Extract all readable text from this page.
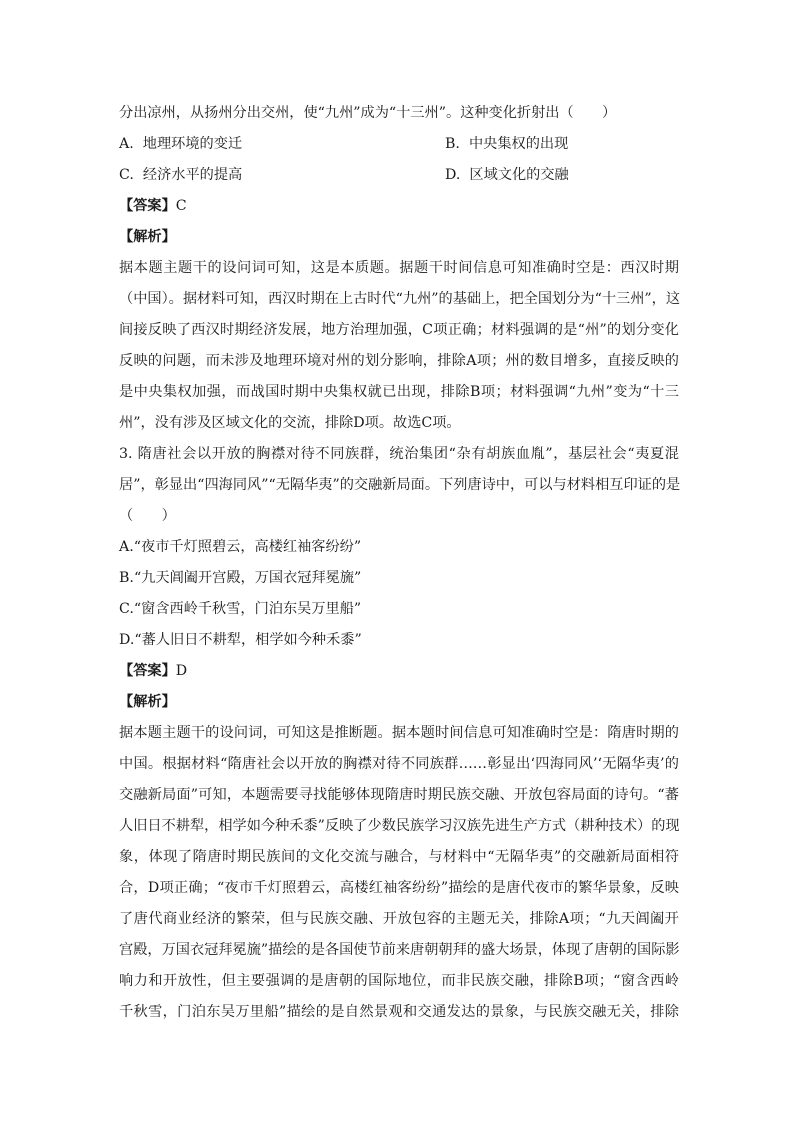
分出凉州，从扬州分出交州，使“九州”成为“十三州”。这种变化折射出（　　）
A. 地理环境的变迁	B. 中央集权的出现
C. 经济水平的提高	D. 区域文化的交融
【答案】C
【解析】
据本题主题干的设问词可知，这是本质题。据题干时间信息可知准确时空是：西汉时期
（中国）。据材料可知，西汉时期在上古时代“九州”的基础上，把全国划分为“十三州”，这
间接反映了西汉时期经济发展，地方治理加强，C项正确；材料强调的是“州”的划分变化
反映的问题，而未涉及地理环境对州的划分影响，排除A项；州的数目增多，直接反映的
是中央集权加强，而战国时期中央集权就已出现，排除B项；材料强调“九州”变为“十三
州”，没有涉及区域文化的交流，排除D项。故选C项。
3. 隋唐社会以开放的胸襟对待不同族群，统治集团“杂有胡族血胤”，基层社会“夷夏混
居”，彰显出“四海同风”“无隔华夷”的交融新局面。下列唐诗中，可以与材料相互印证的是
（　　）
A.“夜市千灯照碧云，高楼红袖客纷纷”
B.“九天阊阖开宫殿，万国衣冠拜冕旒”
C.“窗含西岭千秋雪，门泊东吴万里船”
D.“蕃人旧日不耕犁，相学如今种禾黍”
【答案】D
【解析】
据本题主题干的设问词，可知这是推断题。据本题时间信息可知准确时空是：隋唐时期的
中国。根据材料“隋唐社会以开放的胸襟对待不同族群……彰显出‘四海同风’‘无隔华夷’的
交融新局面”可知，本题需要寻找能够体现隋唐时期民族交融、开放包容局面的诗句。“蕃
人旧日不耕犁，相学如今种禾黍”反映了少数民族学习汉族先进生产方式（耕种技术）的现
象，体现了隋唐时期民族间的文化交流与融合，与材料中“无隔华夷”的交融新局面相符
合，D项正确；“夜市千灯照碧云，高楼红袖客纷纷”描绘的是唐代夜市的繁华景象，反映
了唐代商业经济的繁荣，但与民族交融、开放包容的主题无关，排除A项；“九天阊阖开
宫殿，万国衣冠拜冕旒”描绘的是各国使节前来唐朝朝拜的盛大场景，体现了唐朝的国际影
响力和开放性，但主要强调的是唐朝的国际地位，而非民族交融，排除B项；“窗含西岭
千秋雪，门泊东吴万里船”描绘的是自然景观和交通发达的景象，与民族交融无关，排除
